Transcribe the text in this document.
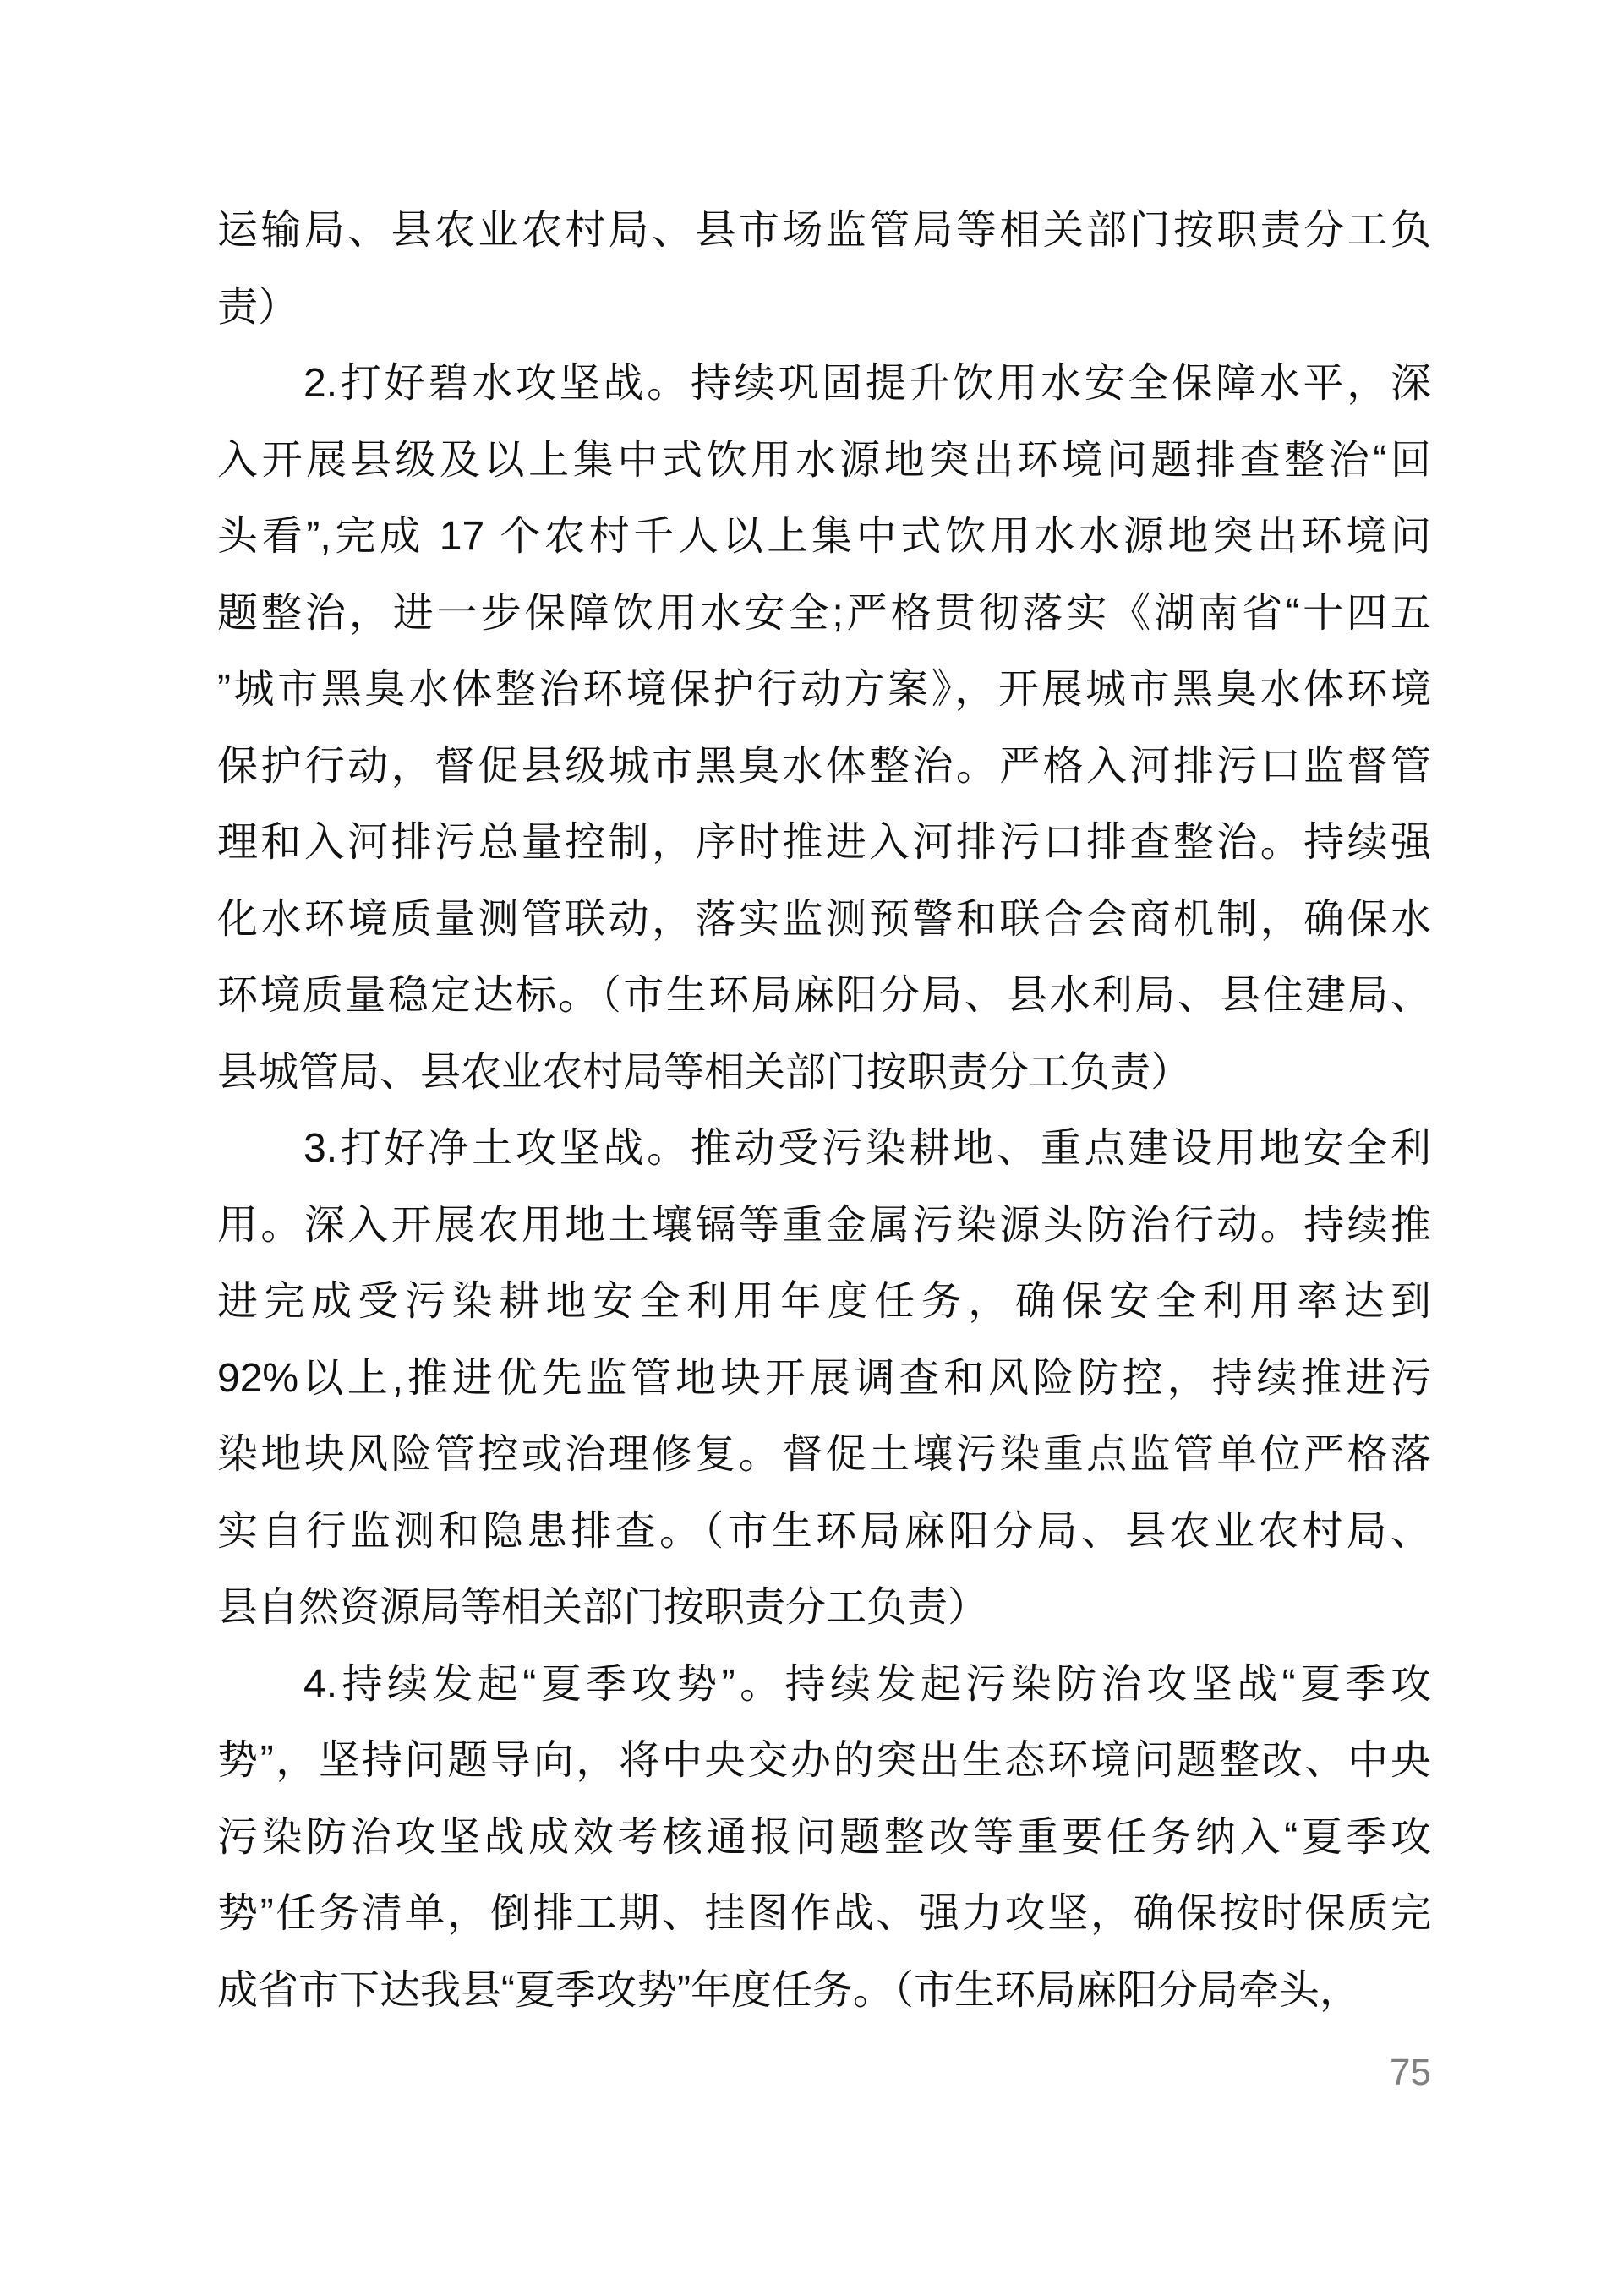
运输局、县农业农村局、县市场监管局等相关部门按职责分工负
责）
2.打好碧水攻坚战。持续巩固提升饮用水安全保障水平，深
入开展县级及以上集中式饮用水源地突出环境问题排查整治“回
头看”,完成 17 个农村千人以上集中式饮用水水源地突出环境问
题整治，进一步保障饮用水安全;严格贯彻落实《湖南省“十四五
”城市黑臭水体整治环境保护行动方案》，开展城市黑臭水体环境
保护行动，督促县级城市黑臭水体整治。严格入河排污口监督管
理和入河排污总量控制，序时推进入河排污口排查整治。持续强
化水环境质量测管联动，落实监测预警和联合会商机制，确保水
环境质量稳定达标。（市生环局麻阳分局、县水利局、县住建局、
县城管局、县农业农村局等相关部门按职责分工负责）
3.打好净土攻坚战。推动受污染耕地、重点建设用地安全利
用。深入开展农用地土壤镉等重金属污染源头防治行动。持续推
进完成受污染耕地安全利用年度任务，确保安全利用率达到
92%以上,推进优先监管地块开展调查和风险防控，持续推进污
染地块风险管控或治理修复。督促土壤污染重点监管单位严格落
实自行监测和隐患排查。（市生环局麻阳分局、县农业农村局、
县自然资源局等相关部门按职责分工负责）
4.持续发起“夏季攻势”。持续发起污染防治攻坚战“夏季攻
势”，坚持问题导向，将中央交办的突出生态环境问题整改、中央
污染防治攻坚战成效考核通报问题整改等重要任务纳入“夏季攻
势”任务清单，倒排工期、挂图作战、强力攻坚，确保按时保质完
成省市下达我县“夏季攻势”年度任务。（市生环局麻阳分局牵头，
75
